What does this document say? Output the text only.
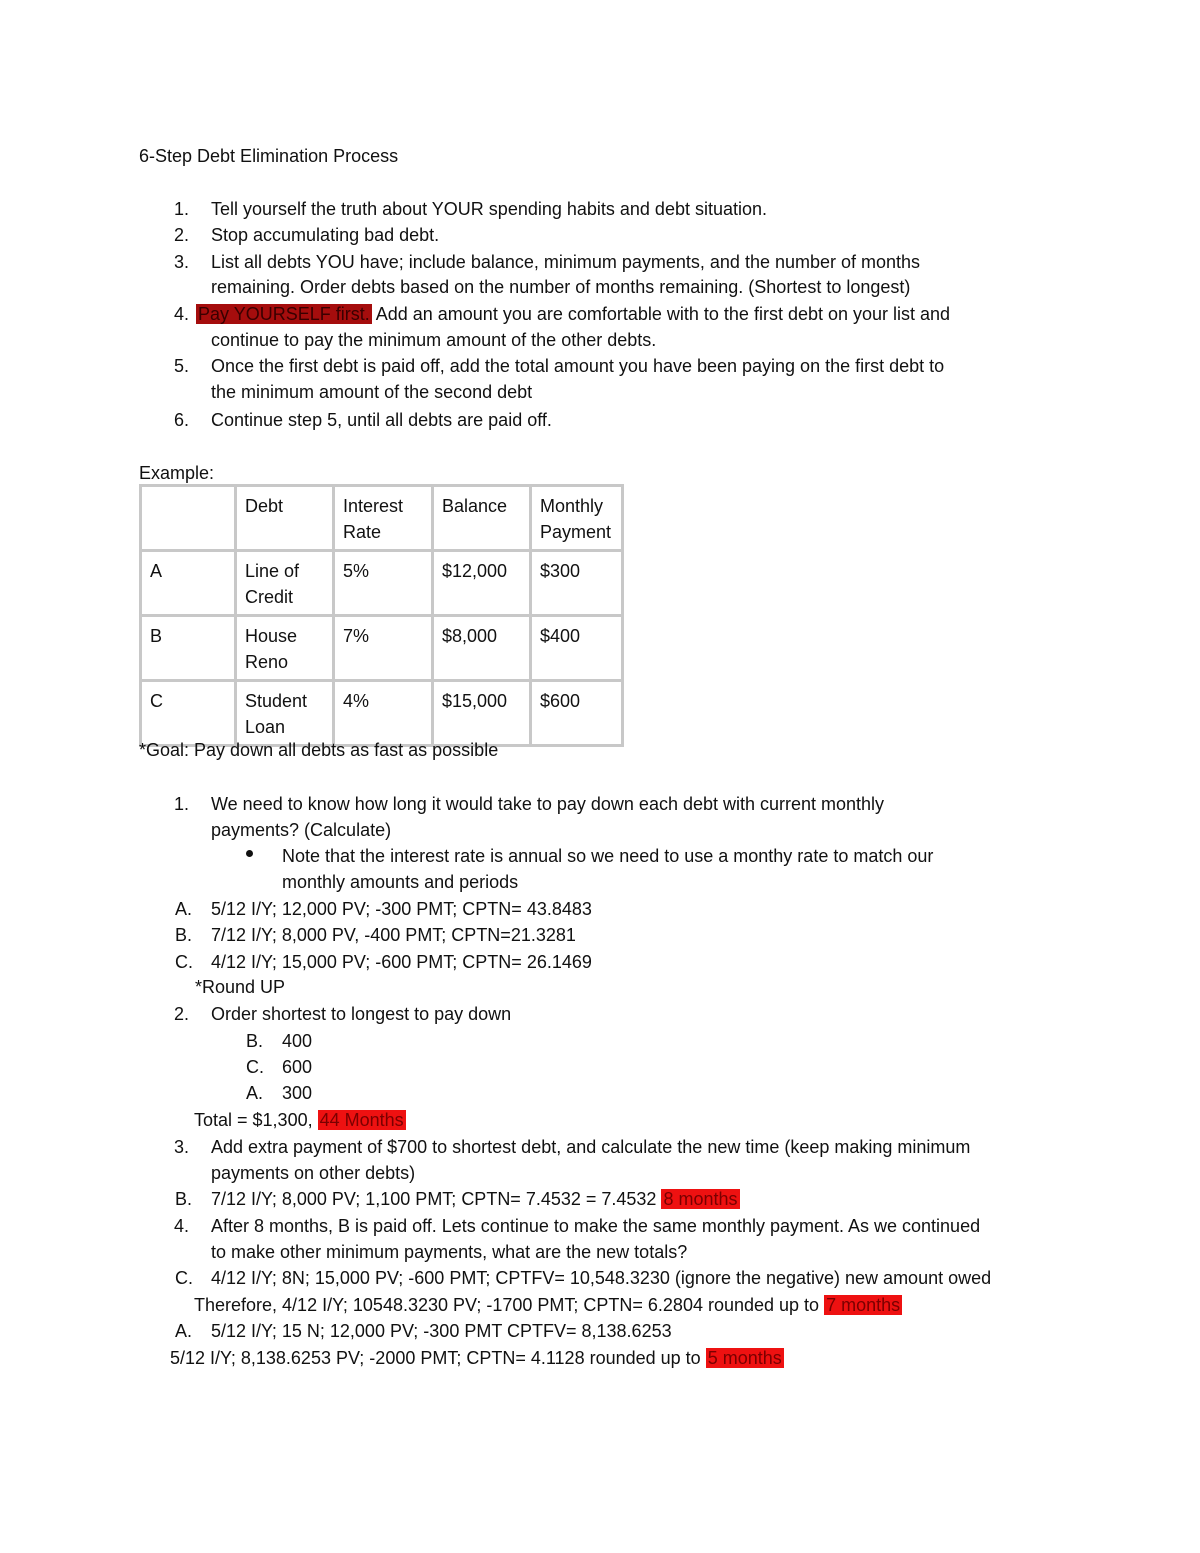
6-Step Debt Elimination Process
1. Tell yourself the truth about YOUR spending habits and debt situation.
2. Stop accumulating bad debt.
3. List all debts YOU have; include balance, minimum payments, and the number of months
remaining. Order debts based on the number of months remaining. (Shortest to longest)
4. Pay YOURSELF first. Add an amount you are comfortable with to the first debt on your list and
continue to pay the minimum amount of the other debts.
5. Once the first debt is paid off, add the total amount you have been paying on the first debt to
the minimum amount of the second debt
6. Continue step 5, until all debts are paid off.
Example:
	Debt	Interest Rate	Balance	Monthly Payment
A	Line of Credit	5%	$12,000	$300
B	House Reno	7%	$8,000	$400
C	Student Loan	4%	$15,000	$600
*Goal: Pay down all debts as fast as possible
1. We need to know how long it would take to pay down each debt with current monthly
payments? (Calculate)
Note that the interest rate is annual so we need to use a monthy rate to match our
monthly amounts and periods
A. 5/12 I/Y; 12,000 PV; -300 PMT; CPTN= 43.8483
B. 7/12 I/Y; 8,000 PV, -400 PMT; CPTN=21.3281
C. 4/12 I/Y; 15,000 PV; -600 PMT; CPTN= 26.1469
*Round UP
2. Order shortest to longest to pay down
B. 400
C. 600
A. 300
Total = $1,300, 44 Months
3. Add extra payment of $700 to shortest debt, and calculate the new time (keep making minimum
payments on other debts)
B. 7/12 I/Y; 8,000 PV; 1,100 PMT; CPTN= 7.4532 = 7.4532 8 months
4. After 8 months, B is paid off. Lets continue to make the same monthly payment. As we continued
to make other minimum payments, what are the new totals?
C. 4/12 I/Y; 8N; 15,000 PV; -600 PMT; CPTFV= 10,548.3230 (ignore the negative) new amount owed
Therefore, 4/12 I/Y; 10548.3230 PV; -1700 PMT; CPTN= 6.2804 rounded up to 7 months
A. 5/12 I/Y; 15 N; 12,000 PV; -300 PMT CPTFV= 8,138.6253
5/12 I/Y; 8,138.6253 PV; -2000 PMT; CPTN= 4.1128 rounded up to 5 months
